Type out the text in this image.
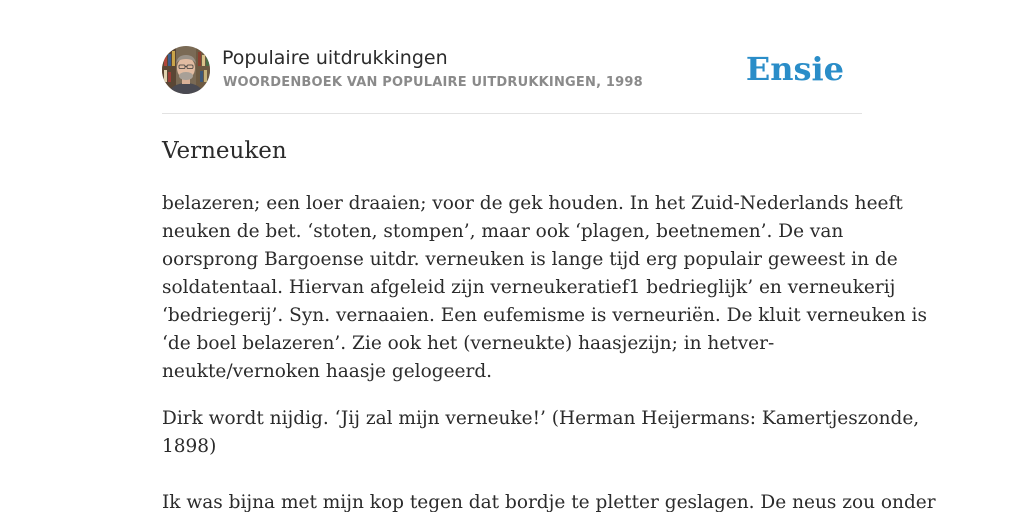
Populaire uitdrukkingen
WOORDENBOEK VAN POPULAIRE UITDRUKKINGEN, 1998	Ensie
Verneuken
belazeren; een loer draaien; voor de gek houden. In het Zuid-Nederlands heeft
neuken de bet. ‘stoten, stompen’, maar ook ‘plagen, beetnemen’. De van
oorsprong Bargoense uitdr. verneuken is lange tijd erg populair geweest in de
soldatentaal. Hiervan afgeleid zijn verneukeratief1 bedrieglijk’ en verneukerij
‘bedriegerij’. Syn. vernaaien. Een eufemisme is verneuriën. De kluit verneuken is
‘de boel belazeren’. Zie ook het (verneukte) haasjezijn; in hetver-
neukte/vernoken haasje gelogeerd.
Dirk wordt nijdig. ‘Jij zal mijn verneuke!’ (Herman Heijermans: Kamertjeszonde,
1898)
Ik was bijna met mijn kop tegen dat bordje te pletter geslagen. De neus zou onder
